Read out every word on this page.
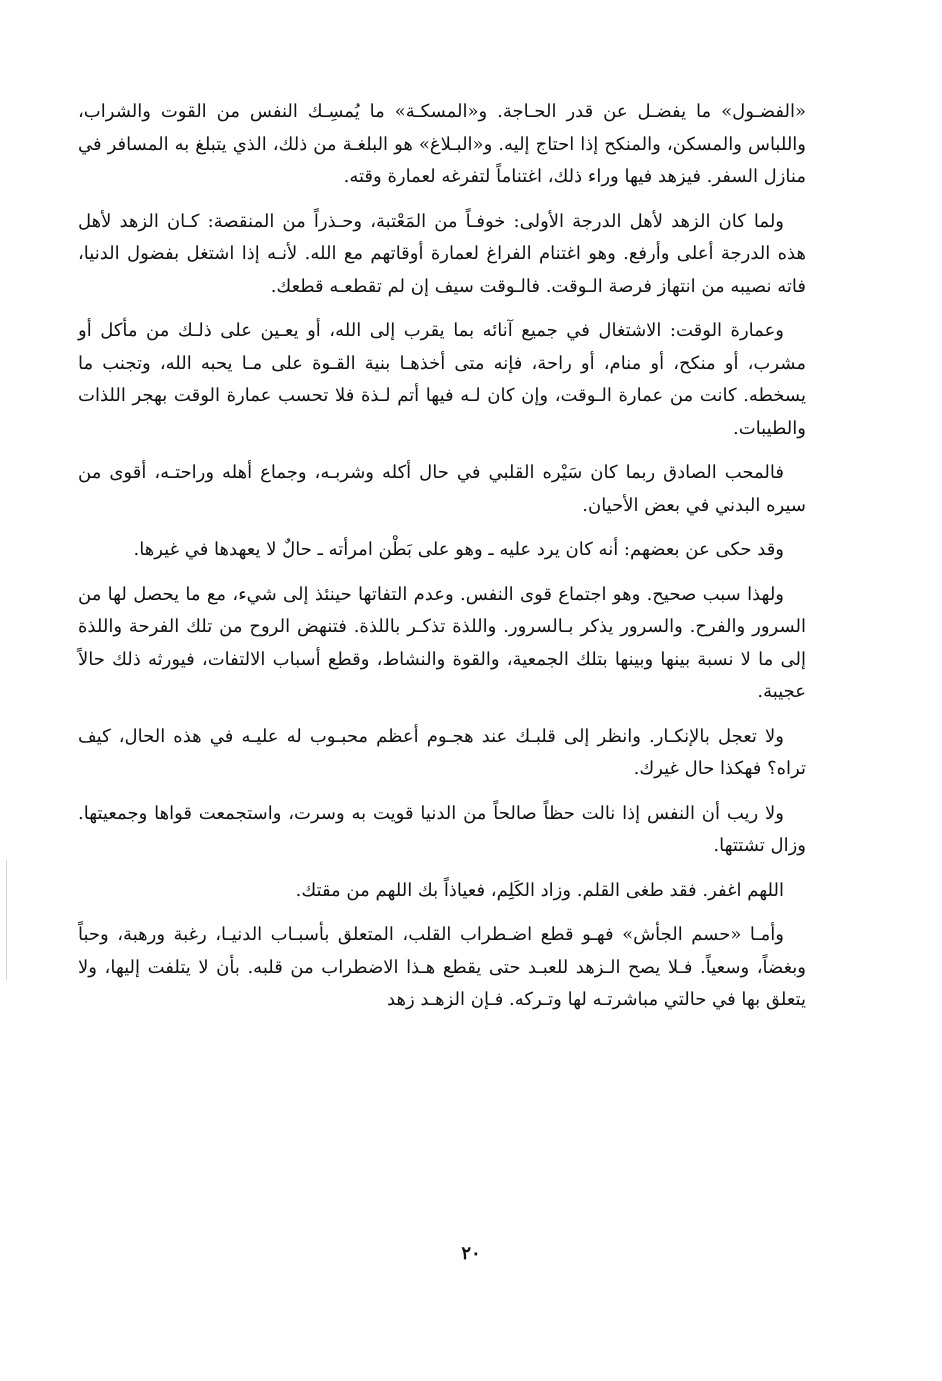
«الفضـول» ما يفضـل عن قدر الحـاجة. و«المسكـة» ما يُمسِـك النفس من القوت والشراب، واللباس والمسكن، والمنكح إذا احتاج إليه. و«البـلاغ» هو البلغـة من ذلك، الذي يتبلغ به المسافر في منازل السفر. فيزهد فيها وراء ذلك، اغتناماً لتفرغه لعمارة وقته.

ولما كان الزهد لأهل الدرجة الأولى: خوفـاً من المَعْتبة، وحـذراً من المنقصة: كـان الزهد لأهل هذه الدرجة أعلى وأرفع. وهو اغتنام الفراغ لعمارة أوقاتهم مع الله. لأنـه إذا اشتغل بفضول الدنيا، فاته نصيبه من انتهاز فرصة الـوقت. فالـوقت سيف إن لم تقطعـه قطعك.

وعمارة الوقت: الاشتغال في جميع آنائه بما يقرب إلى الله، أو يعـين على ذلـك من مأكل أو مشرب، أو منكح، أو منام، أو راحة، فإنه متى أخذهـا بنية القـوة على مـا يحبه الله، وتجنب ما يسخطه. كانت من عمارة الـوقت، وإن كان لـه فيها أتم لـذة فلا تحسب عمارة الوقت بهجر اللذات والطيبات.

فالمحب الصادق ربما كان سَيْره القلبي في حال أكله وشربـه، وجماع أهله وراحتـه، أقوى من سيره البدني في بعض الأحيان.

وقد حكى عن بعضهم: أنه كان يرد عليه ـ وهو على بَطْن امرأته ـ حالٌ لا يعهدها في غيرها.

ولهذا سبب صحيح. وهو اجتماع قوى النفس. وعدم التفاتها حينئذ إلى شيء، مع ما يحصل لها من السرور والفرح. والسرور يذكر بـالسرور. واللذة تذكـر باللذة. فتنهض الروح من تلك الفرحة واللذة إلى ما لا نسبة بينها وبينها بتلك الجمعية، والقوة والنشاط، وقطع أسباب الالتفات، فيورثه ذلك حالاً عجيبة.

ولا تعجل بالإنكـار. وانظر إلى قلبـك عند هجـوم أعظم محبـوب له عليـه في هذه الحال، كيف تراه؟ فهكذا حال غيرك.

ولا ريب أن النفس إذا نالت حظاً صالحاً من الدنيا قويت به وسرت، واستجمعت قواها وجمعيتها. وزال تشتتها.

اللهم اغفر. فقد طغى القلم. وزاد الكَلِم، فعياذاً بك اللهم من مقتك.

وأمـا «حسم الجأش» فهـو قطع اضـطراب القلب، المتعلق بأسبـاب الدنيـا، رغبة ورهبة، وحباً وبغضاً، وسعياً. فـلا يصح الـزهد للعبـد حتى يقطع هـذا الاضطراب من قلبه. بأن لا يتلفت إليها، ولا يتعلق بها في حالتي مباشرتـه لها وتـركه. فـإن الزهـد زهد

٢٠
